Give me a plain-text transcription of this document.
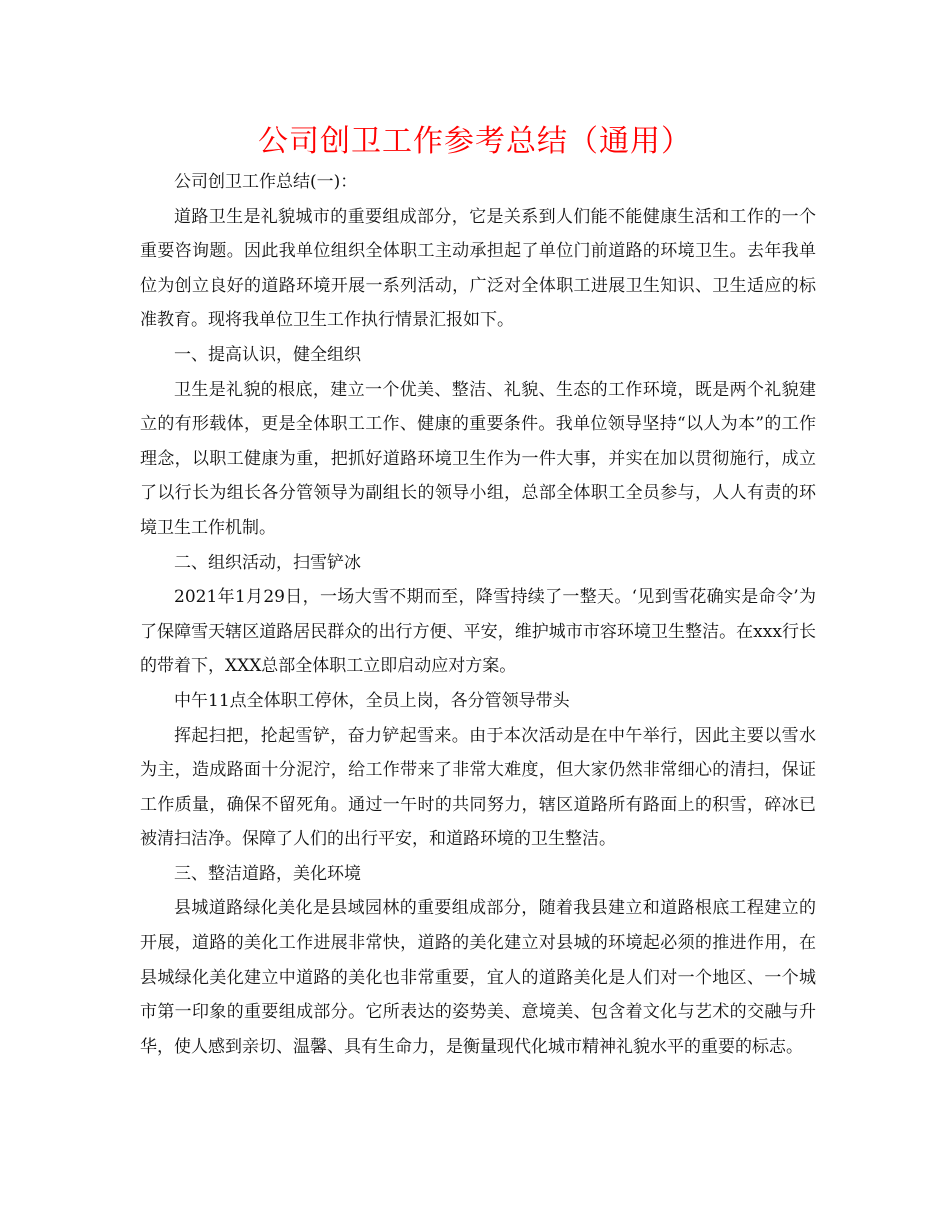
公司创卫工作参考总结（通用）

公司创卫工作总结(一)：

道路卫生是礼貌城市的重要组成部分，它是关系到人们能不能健康生活和工作的一个重要咨询题。因此我单位组织全体职工主动承担起了单位门前道路的环境卫生。去年我单位为创立良好的道路环境开展一系列活动，广泛对全体职工进展卫生知识、卫生适应的标准教育。现将我单位卫生工作执行情景汇报如下。

一、提高认识，健全组织

卫生是礼貌的根底，建立一个优美、整洁、礼貌、生态的工作环境，既是两个礼貌建立的有形载体，更是全体职工工作、健康的重要条件。我单位领导坚持“以人为本”的工作理念，以职工健康为重，把抓好道路环境卫生作为一件大事，并实在加以贯彻施行，成立了以行长为组长各分管领导为副组长的领导小组，总部全体职工全员参与，人人有责的环境卫生工作机制。

二、组织活动，扫雪铲冰

2021年1月29日，一场大雪不期而至，降雪持续了一整天。‘见到雪花确实是命令’为了保障雪天辖区道路居民群众的出行方便、平安，维护城市市容环境卫生整洁。在xxx行长的带着下，XXX总部全体职工立即启动应对方案。

中午11点全体职工停休，全员上岗，各分管领导带头

挥起扫把，抡起雪铲，奋力铲起雪来。由于本次活动是在中午举行，因此主要以雪水为主，造成路面十分泥泞，给工作带来了非常大难度，但大家仍然非常细心的清扫，保证工作质量，确保不留死角。通过一午时的共同努力，辖区道路所有路面上的积雪，碎冰已被清扫洁净。保障了人们的出行平安，和道路环境的卫生整洁。

三、整洁道路，美化环境

县城道路绿化美化是县域园林的重要组成部分，随着我县建立和道路根底工程建立的开展，道路的美化工作进展非常快，道路的美化建立对县城的环境起必须的推进作用，在县城绿化美化建立中道路的美化也非常重要，宜人的道路美化是人们对一个地区、一个城市第一印象的重要组成部分。它所表达的姿势美、意境美、包含着文化与艺术的交融与升华，使人感到亲切、温馨、具有生命力，是衡量现代化城市精神礼貌水平的重要的标志。
